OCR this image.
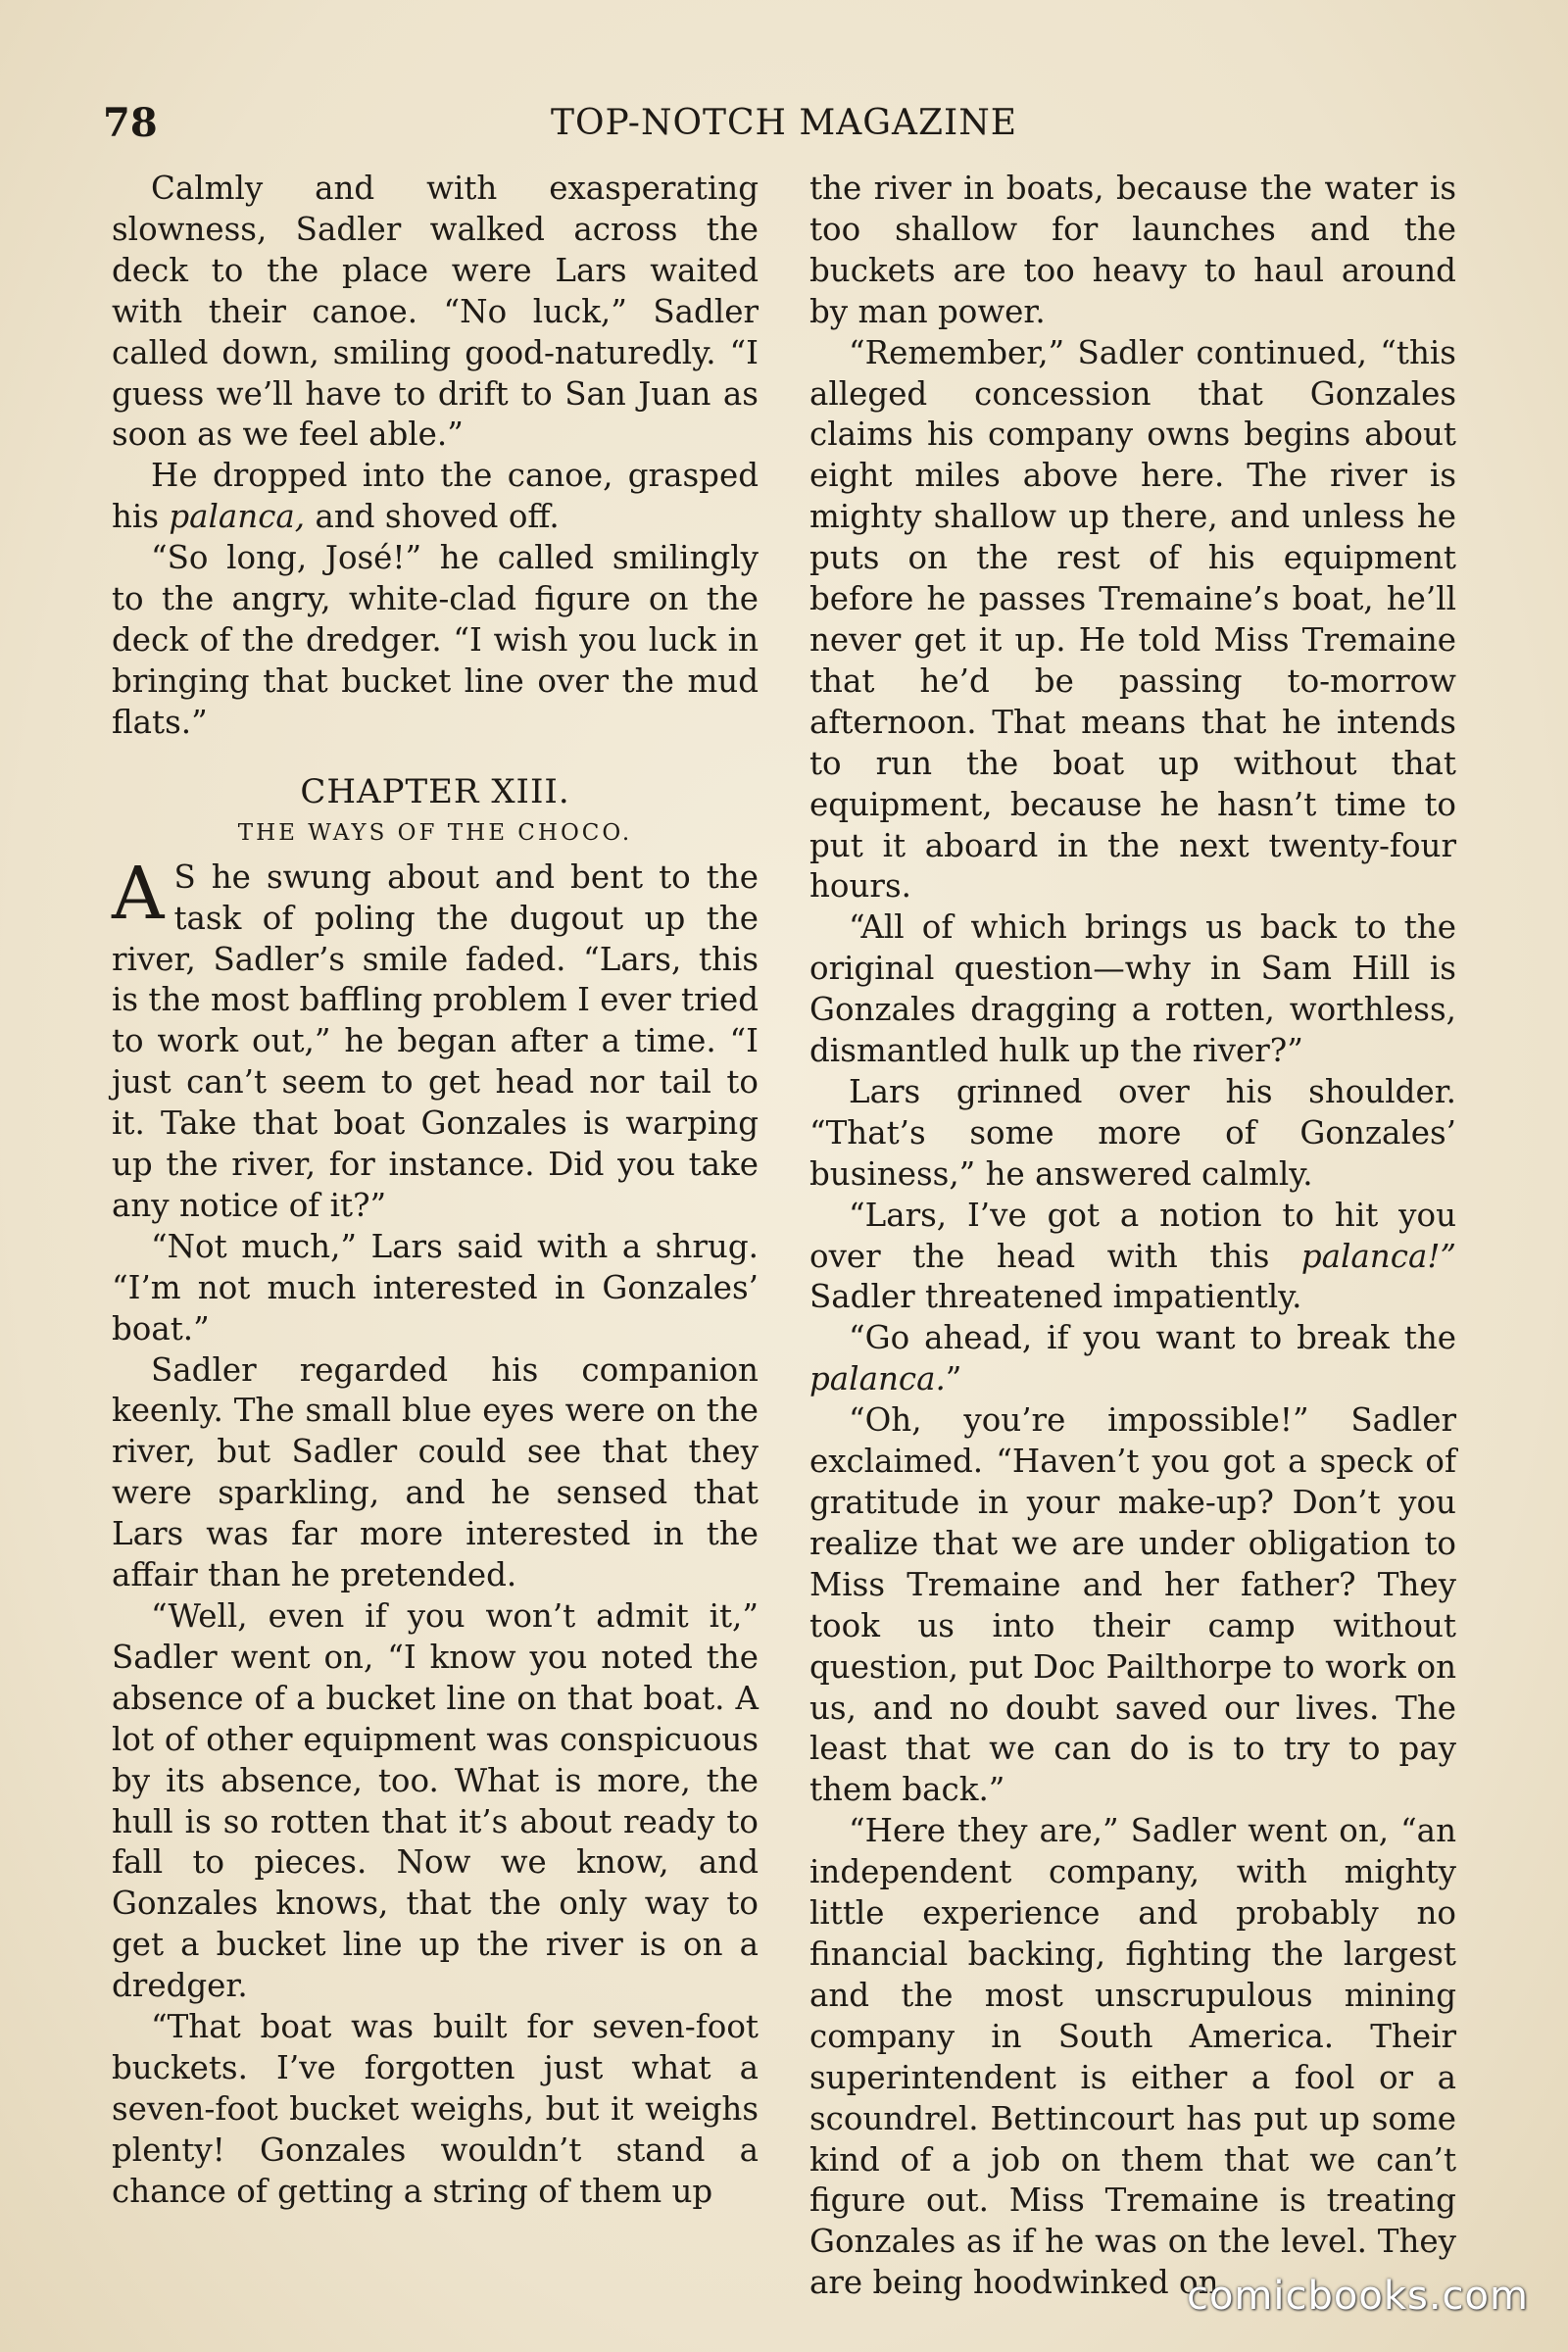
78	TOP-NOTCH MAGAZINE

Calmly and with exasperating slowness, Sadler walked across the deck to the place were Lars waited with their canoe. “No luck,” Sadler called down, smiling good-naturedly. “I guess we’ll have to drift to San Juan as soon as we feel able.”

He dropped into the canoe, grasped his palanca, and shoved off.

“So long, José!” he called smilingly to the angry, white-clad figure on the deck of the dredger. “I wish you luck in bringing that bucket line over the mud flats.”

CHAPTER XIII.
THE WAYS OF THE CHOCO.

A S he swung about and bent to the task of poling the dugout up the river, Sadler’s smile faded. “Lars, this is the most baffling problem I ever tried to work out,” he began after a time. “I just can’t seem to get head nor tail to it. Take that boat Gonzales is warping up the river, for instance. Did you take any notice of it?”

“Not much,” Lars said with a shrug. “I’m not much interested in Gonzales’ boat.”

Sadler regarded his companion keenly. The small blue eyes were on the river, but Sadler could see that they were sparkling, and he sensed that Lars was far more interested in the affair than he pretended.

“Well, even if you won’t admit it,” Sadler went on, “I know you noted the absence of a bucket line on that boat. A lot of other equipment was conspicuous by its absence, too. What is more, the hull is so rotten that it’s about ready to fall to pieces. Now we know, and Gonzales knows, that the only way to get a bucket line up the river is on a dredger.

“That boat was built for seven-foot buckets. I’ve forgotten just what a seven-foot bucket weighs, but it weighs plenty! Gonzales wouldn’t stand a chance of getting a string of them up

the river in boats, because the water is too shallow for launches and the buckets are too heavy to haul around by man power.

“Remember,” Sadler continued, “this alleged concession that Gonzales claims his company owns begins about eight miles above here. The river is mighty shallow up there, and unless he puts on the rest of his equipment before he passes Tremaine’s boat, he’ll never get it up. He told Miss Tremaine that he’d be passing to-morrow afternoon. That means that he intends to run the boat up without that equipment, because he hasn’t time to put it aboard in the next twenty-four hours.

“All of which brings us back to the original question—why in Sam Hill is Gonzales dragging a rotten, worthless, dismantled hulk up the river?”

Lars grinned over his shoulder. “That’s some more of Gonzales’ business,” he answered calmly.

“Lars, I’ve got a notion to hit you over the head with this palanca!” Sadler threatened impatiently.

“Go ahead, if you want to break the palanca.”

“Oh, you’re impossible!” Sadler exclaimed. “Haven’t you got a speck of gratitude in your make-up? Don’t you realize that we are under obligation to Miss Tremaine and her father? They took us into their camp without question, put Doc Pailthorpe to work on us, and no doubt saved our lives. The least that we can do is to try to pay them back.”

“Here they are,” Sadler went on, “an independent company, with mighty little experience and probably no financial backing, fighting the largest and the most unscrupulous mining company in South America. Their superintendent is either a fool or a scoundrel. Bettincourt has put up some kind of a job on them that we can’t figure out. Miss Tremaine is treating Gonzales as if he was on the level. They are being hoodwinked on

comicbooks.com
